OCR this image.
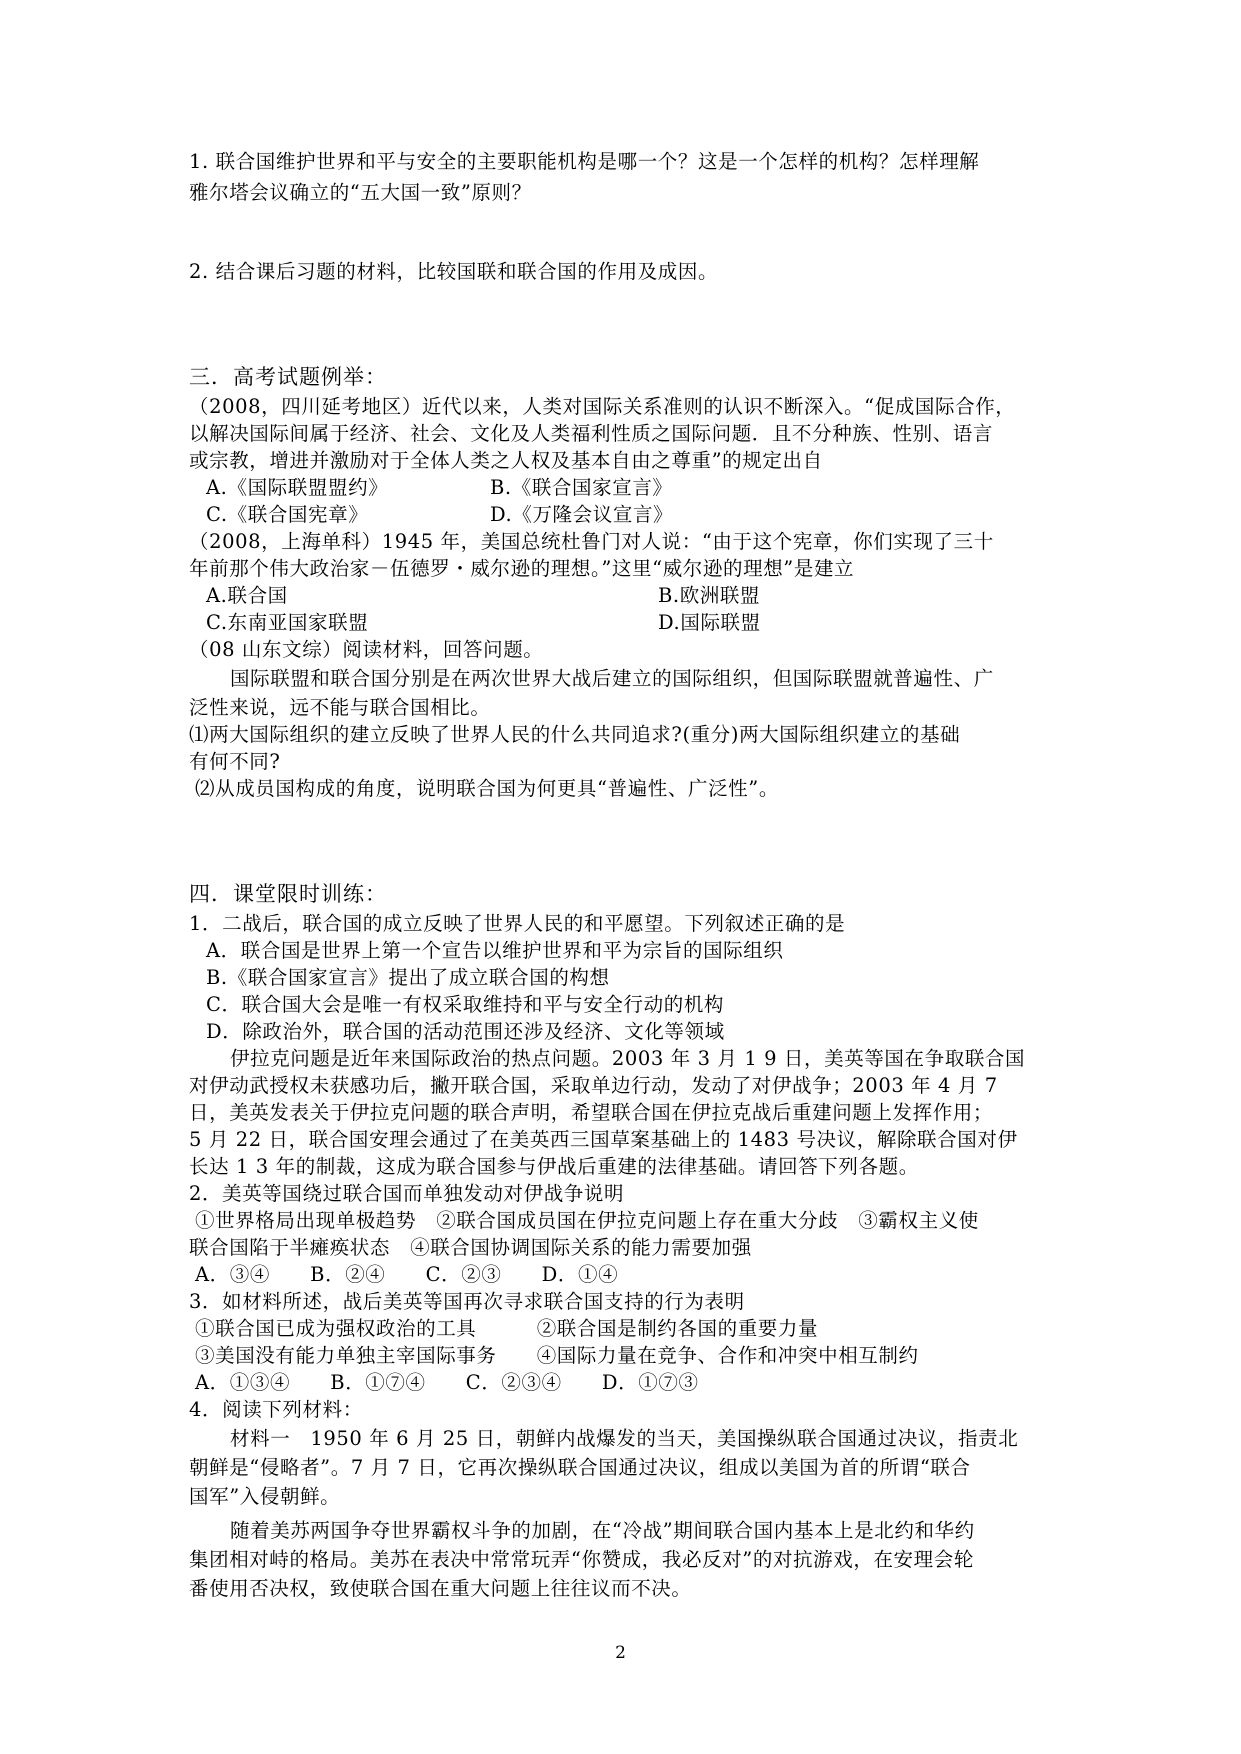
1. 联合国维护世界和平与安全的主要职能机构是哪一个？这是一个怎样的机构？怎样理解
雅尔塔会议确立的“五大国一致”原则？
2. 结合课后习题的材料，比较国联和联合国的作用及成因。
三．高考试题例举：
（2008，四川延考地区）近代以来，人类对国际关系准则的认识不断深入。“促成国际合作，
以解决国际间属于经济、社会、文化及人类福利性质之国际问题．且不分种族、性别、语言
或宗教，增进并激励对于全体人类之人权及基本自由之尊重”的规定出自
A.《国际联盟盟约》	B.《联合国家宣言》
C.《联合国宪章》	D.《万隆会议宣言》
（2008，上海单科）1945 年，美国总统杜鲁门对人说：“由于这个宪章，你们实现了三十
年前那个伟大政治家－伍德罗・威尔逊的理想。”这里“威尔逊的理想”是建立
A.联合国	B.欧洲联盟
C.东南亚国家联盟	D.国际联盟
（08 山东文综）阅读材料，回答问题。
国际联盟和联合国分别是在两次世界大战后建立的国际组织，但国际联盟就普遍性、广
泛性来说，远不能与联合国相比。
⑴两大国际组织的建立反映了世界人民的什么共同追求?(重分)两大国际组织建立的基础
有何不同?
⑵从成员国构成的角度，说明联合国为何更具“普遍性、广泛性”。
四．课堂限时训练：
1．二战后，联合国的成立反映了世界人民的和平愿望。下列叙述正确的是
A．联合国是世界上第一个宣告以维护世界和平为宗旨的国际组织
B.《联合国家宣言》提出了成立联合国的构想
C．联合国大会是唯一有权采取维持和平与安全行动的机构
D．除政治外，联合国的活动范围还涉及经济、文化等领域
伊拉克问题是近年来国际政治的热点问题。2003 年 3 月 1 9 日，美英等国在争取联合国
对伊动武授权未获感功后，撇开联合国，采取单边行动，发动了对伊战争；2003 年 4 月 7
日，美英发表关于伊拉克问题的联合声明，希望联合国在伊拉克战后重建问题上发挥作用；
5 月 22 日，联合国安理会通过了在美英西三国草案基础上的 1483 号决议，解除联合国对伊
长达 1 3 年的制裁，这成为联合国参与伊战后重建的法律基础。请回答下列各题。
2．美英等国绕过联合国而单独发动对伊战争说明
①世界格局出现单极趋势　②联合国成员国在伊拉克问题上存在重大分歧　③霸权主义使
联合国陷于半瘫痪状态　④联合国协调国际关系的能力需要加强
A．③④　　B．②④　　C．②③　　D．①④
3．如材料所述，战后美英等国再次寻求联合国支持的行为表明
①联合国已成为强权政治的工具　　　②联合国是制约各国的重要力量
③美国没有能力单独主宰国际事务　　④国际力量在竞争、合作和冲突中相互制约
A．①③④　　B．①⑦④　　C．②③④　　D．①⑦③
4．阅读下列材料：
材料一　1950 年 6 月 25 日，朝鲜内战爆发的当天，美国操纵联合国通过决议，指责北
朝鲜是“侵略者”。7 月 7 日，它再次操纵联合国通过决议，组成以美国为首的所谓“联合
国军”入侵朝鲜。
随着美苏两国争夺世界霸权斗争的加剧，在“冷战”期间联合国内基本上是北约和华约
集团相对峙的格局。美苏在表决中常常玩弄“你赞成，我必反对”的对抗游戏，在安理会轮
番使用否决权，致使联合国在重大问题上往往议而不决。
2
